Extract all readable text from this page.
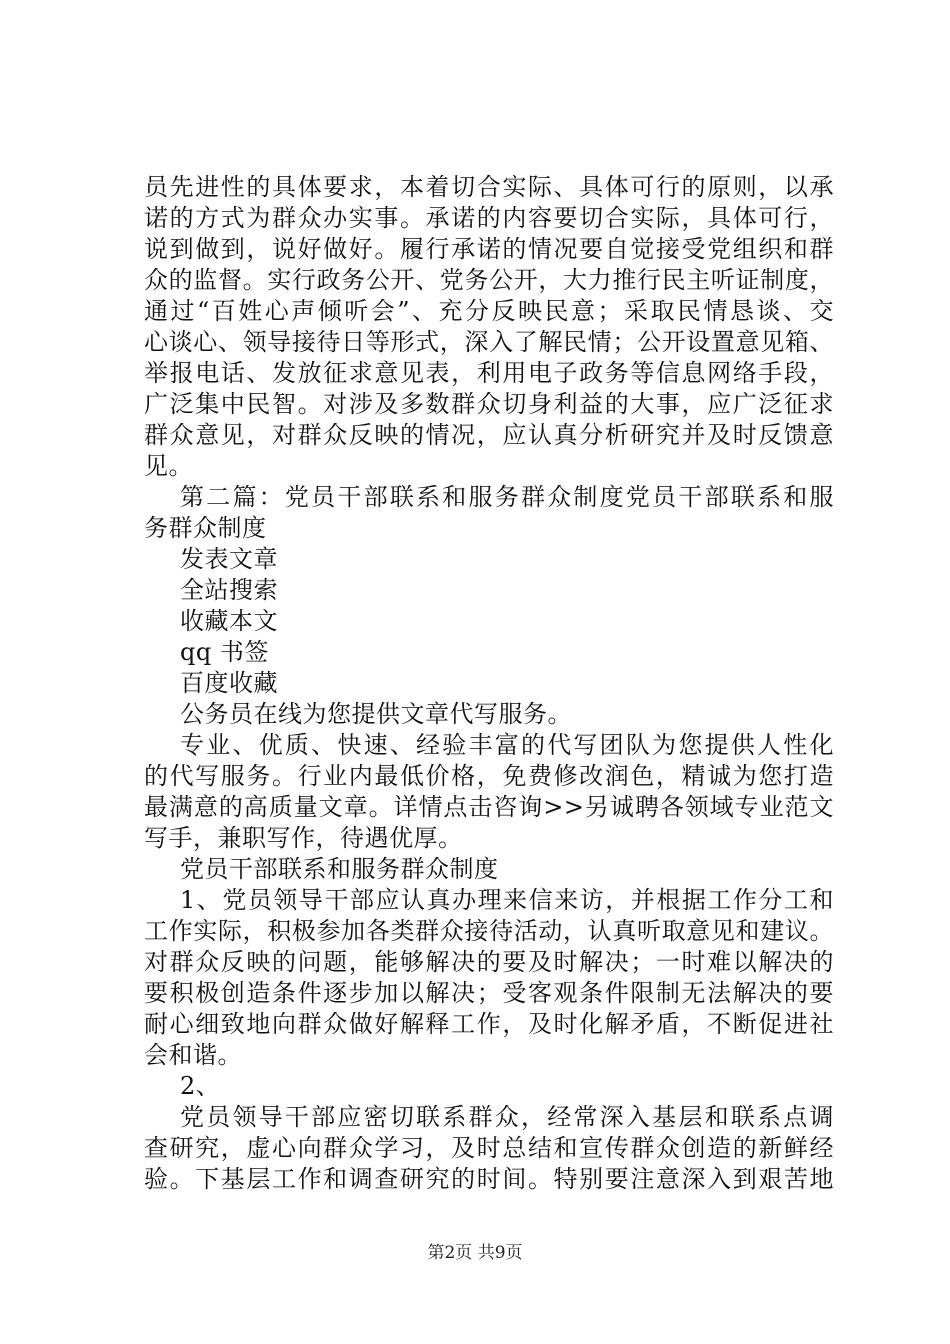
员先进性的具体要求，本着切合实际、具体可行的原则，以承
诺的方式为群众办实事。承诺的内容要切合实际，具体可行，
说到做到，说好做好。履行承诺的情况要自觉接受党组织和群
众的监督。实行政务公开、党务公开，大力推行民主听证制度，
通过“百姓心声倾听会”、充分反映民意；采取民情恳谈、交
心谈心、领导接待日等形式，深入了解民情；公开设置意见箱、
举报电话、发放征求意见表，利用电子政务等信息网络手段，
广泛集中民智。对涉及多数群众切身利益的大事，应广泛征求
群众意见，对群众反映的情况，应认真分析研究并及时反馈意
见。
第二篇：党员干部联系和服务群众制度党员干部联系和服
务群众制度
发表文章
全站搜索
收藏本文
qq 书签
百度收藏
公务员在线为您提供文章代写服务。
专业、优质、快速、经验丰富的代写团队为您提供人性化
的代写服务。行业内最低价格，免费修改润色，精诚为您打造
最满意的高质量文章。详情点击咨询>>另诚聘各领域专业范文
写手，兼职写作，待遇优厚。
党员干部联系和服务群众制度
1、党员领导干部应认真办理来信来访，并根据工作分工和
工作实际，积极参加各类群众接待活动，认真听取意见和建议。
对群众反映的问题，能够解决的要及时解决；一时难以解决的
要积极创造条件逐步加以解决；受客观条件限制无法解决的要
耐心细致地向群众做好解释工作，及时化解矛盾，不断促进社
会和谐。
2、
党员领导干部应密切联系群众，经常深入基层和联系点调
查研究，虚心向群众学习，及时总结和宣传群众创造的新鲜经
验。下基层工作和调查研究的时间。特别要注意深入到艰苦地
第2页 共9页
